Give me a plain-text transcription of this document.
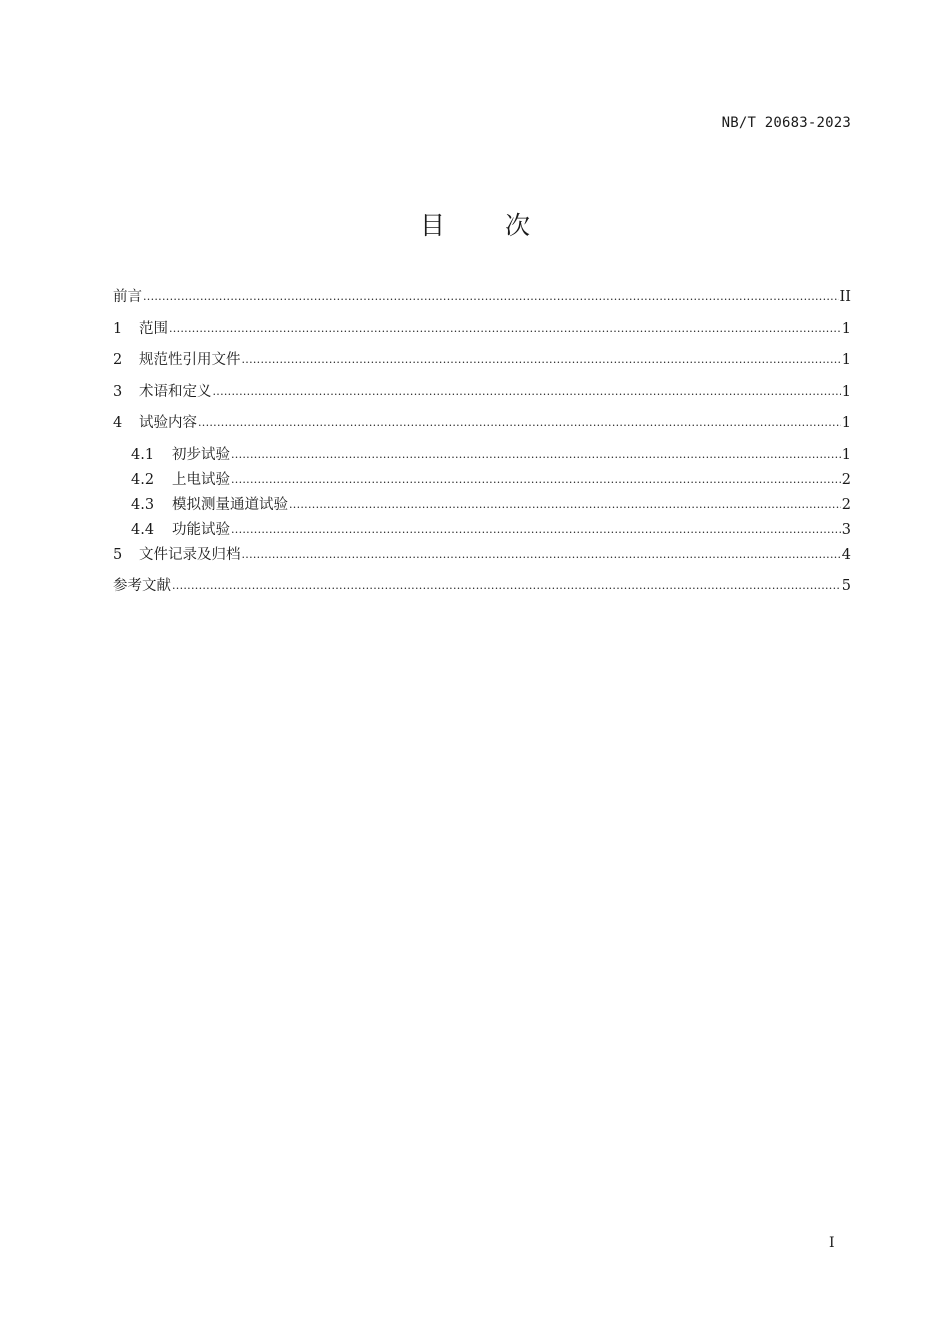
NB/T 20683-2023
目 次
前言 .....	II
1	范围 .....	1
2	规范性引用文件 .....	1
3	术语和定义 .....	1
4	试验内容 .....	1
4.1	初步试验 .....	1
4.2	上电试验 .....	2
4.3	模拟测量通道试验 .....	2
4.4	功能试验 .....	3
5	文件记录及归档 .....	4
参考文献 .....	5
I
